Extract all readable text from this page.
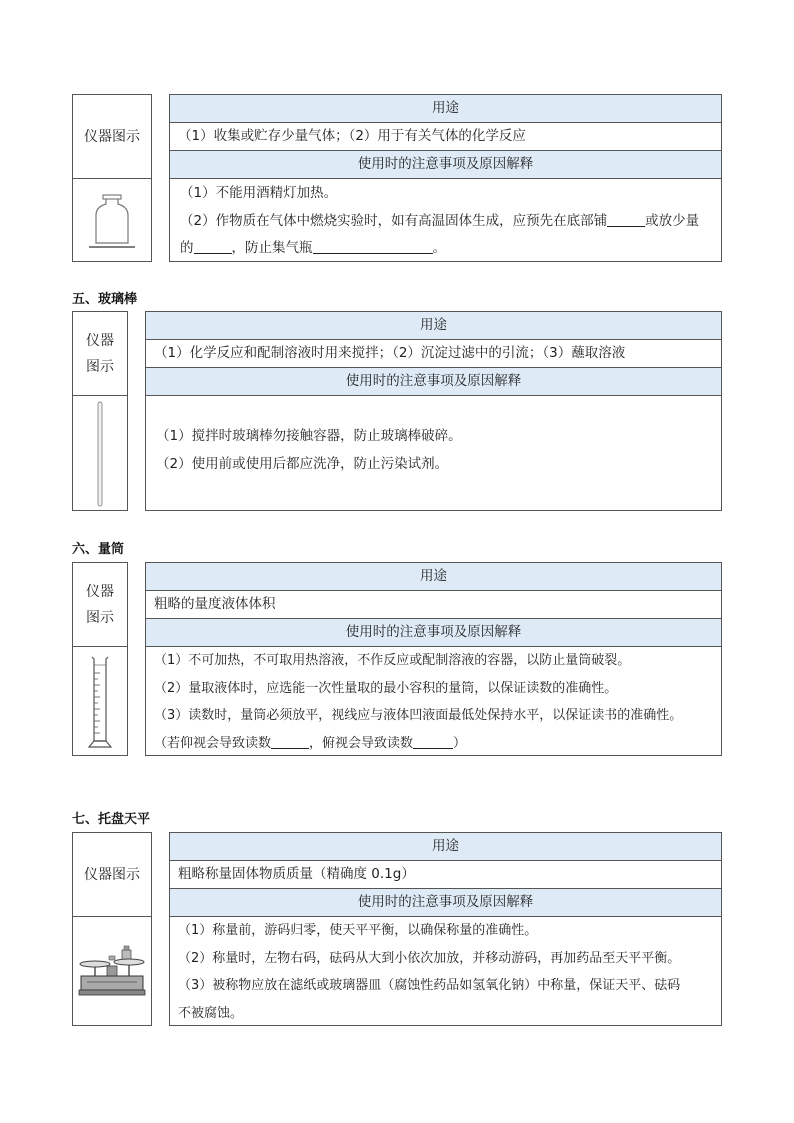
仪器图示
用途
（1）收集或贮存少量气体；（2）用于有关气体的化学反应
使用时的注意事项及原因解释
（1）不能用酒精灯加热。
（2）作物质在气体中燃烧实验时，如有高温固体生成，应预先在底部铺	或放少量
的	，防止集气瓶	。
五、玻璃棒
仪器
图示
用途
（1）化学反应和配制溶液时用来搅拌；（2）沉淀过滤中的引流；（3）蘸取溶液
使用时的注意事项及原因解释
（1）搅拌时玻璃棒勿接触容器，防止玻璃棒破碎。
（2）使用前或使用后都应洗净，防止污染试剂。
六、量筒
仪器
图示
用途
粗略的量度液体体积
使用时的注意事项及原因解释
（1）不可加热，不可取用热溶液，不作反应或配制溶液的容器，以防止量筒破裂。
（2）量取液体时，应选能一次性量取的最小容积的量筒，以保证读数的准确性。
（3）读数时，量筒必须放平，视线应与液体凹液面最低处保持水平，以保证读书的准确性。
（若仰视会导致读数	，俯视会导致读数	）
七、托盘天平
仪器图示
用途
粗略称量固体物质质量（精确度 0.1g）
使用时的注意事项及原因解释
（1）称量前，游码归零，使天平平衡，以确保称量的准确性。
（2）称量时，左物右码，砝码从大到小依次加放，并移动游码，再加药品至天平平衡。
（3）被称物应放在滤纸或玻璃器皿（腐蚀性药品如氢氧化钠）中称量，保证天平、砝码
不被腐蚀。
